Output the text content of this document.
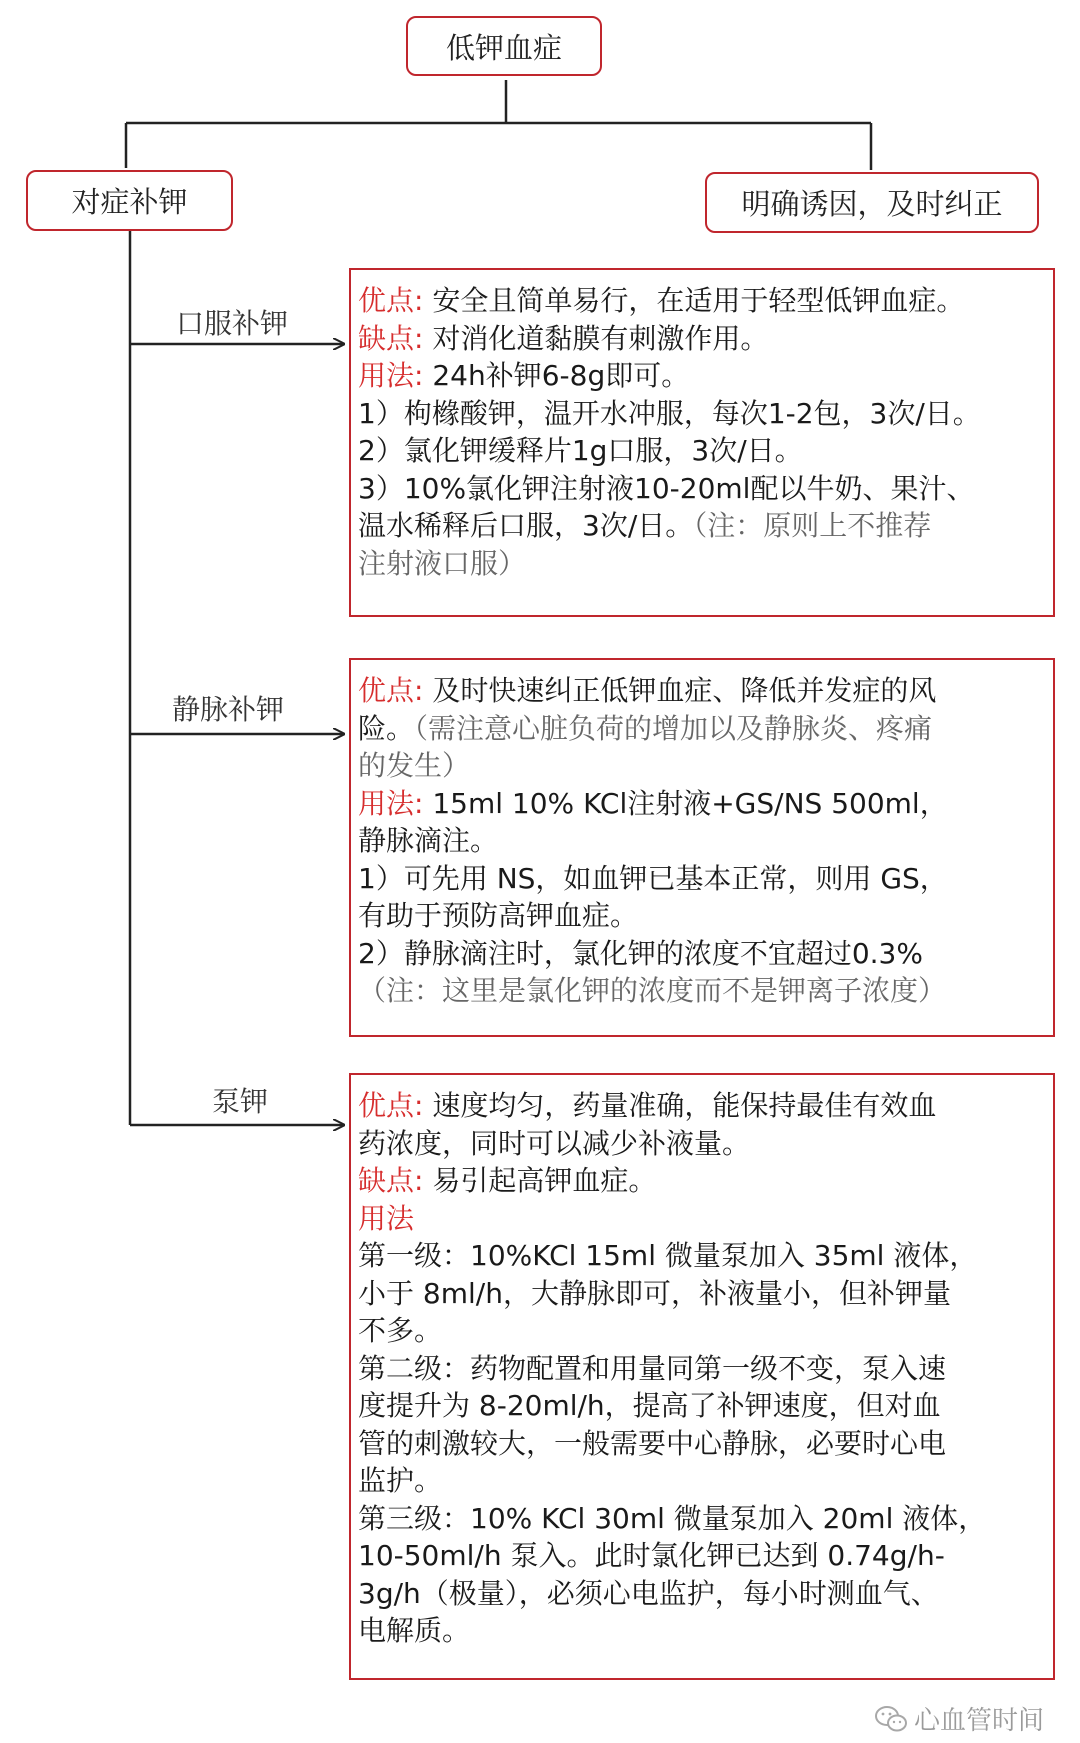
低钾血症
对症补钾	明确诱因，及时纠正
口服补钾
静脉补钾
泵钾

优点: 安全且简单易行，在适用于轻型低钾血症。

缺点: 对消化道黏膜有刺激作用。

用法: 24h补钾6-8g即可。

1）枸橼酸钾，温开水冲服，每次1-2包，3次/日。

2）氯化钾缓释片1g口服，3次/日。

3）10%氯化钾注射液10-20ml配以牛奶、果汁、

温水稀释后口服，3次/日。（注：原则上不推荐

注射液口服）

优点: 及时快速纠正低钾血症、降低并发症的风

险。（需注意心脏负荷的增加以及静脉炎、疼痛

的发生）

用法: 15ml 10% KCl注射液+GS/NS 500ml，

静脉滴注。

1）可先用 NS，如血钾已基本正常，则用 GS，

有助于预防高钾血症。

2）静脉滴注时，氯化钾的浓度不宜超过0.3%

（注：这里是氯化钾的浓度而不是钾离子浓度）

优点: 速度均匀，药量准确，能保持最佳有效血

药浓度，同时可以减少补液量。

缺点: 易引起高钾血症。

用法

第一级：10%KCl 15ml 微量泵加入 35ml 液体，

小于 8ml/h，大静脉即可，补液量小，但补钾量

不多。

第二级：药物配置和用量同第一级不变，泵入速

度提升为 8-20ml/h，提高了补钾速度，但对血

管的刺激较大，一般需要中心静脉，必要时心电

监护。

第三级：10% KCl 30ml 微量泵加入 20ml 液体，

10-50ml/h 泵入。此时氯化钾已达到 0.74g/h-

3g/h（极量），必须心电监护，每小时测血气、

电解质。

心血管时间
